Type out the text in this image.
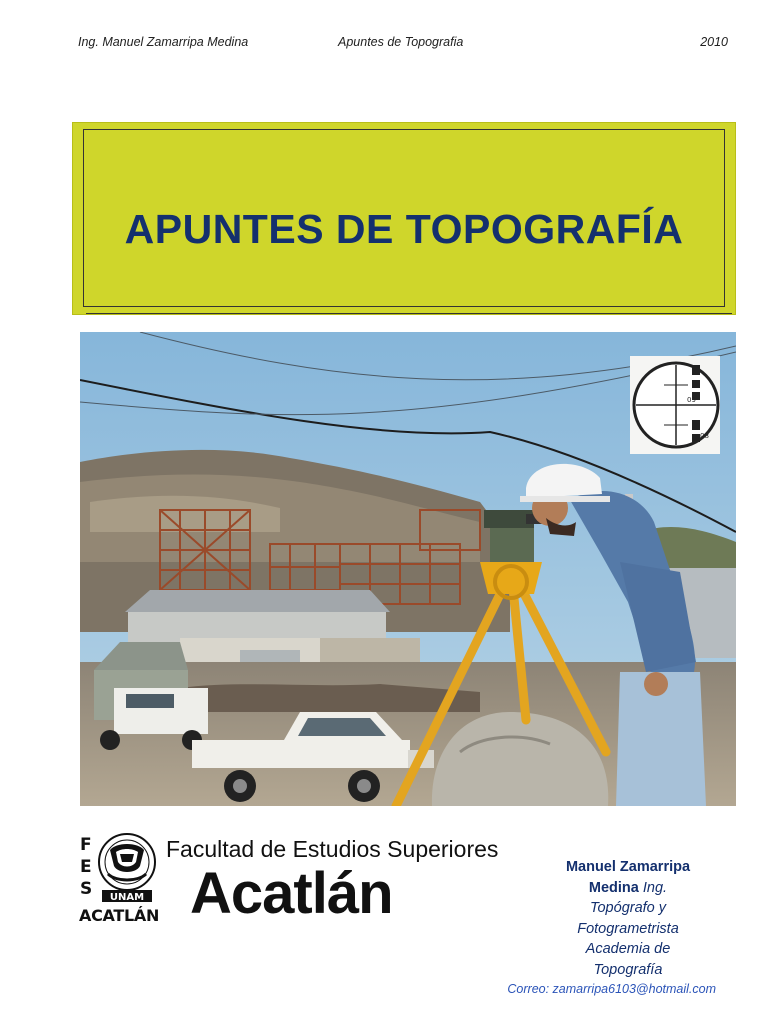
Ing. Manuel Zamarripa Medina	Apuntes de Topografia	2010
APUNTES DE TOPOGRAFÍA
09
08
F
E
S UNAM
ACATLÁN
Facultad de Estudios Superiores
Acatlán	Manuel Zamarripa
Medina Ing.
Topógrafo y
Fotogrametrista
Academia de
Topografía
Correo: zamarripa6103@hotmail.com
